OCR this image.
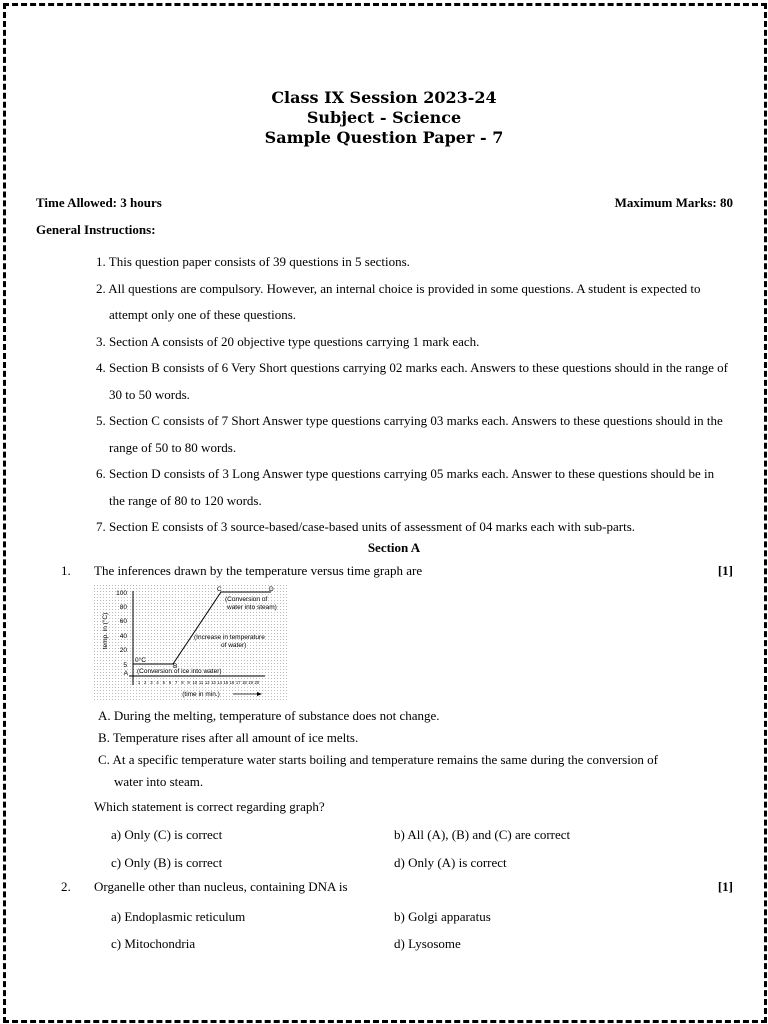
Class IX Session 2023-24
Subject - Science
Sample Question Paper - 7
Time Allowed: 3 hours	Maximum Marks: 80
General Instructions:
1. This question paper consists of 39 questions in 5 sections.
2. All questions are compulsory. However, an internal choice is provided in some questions. A student is expected to attempt only one of these questions.
3. Section A consists of 20 objective type questions carrying 1 mark each.
4. Section B consists of 6 Very Short questions carrying 02 marks each. Answers to these questions should in the range of 30 to 50 words.
5. Section C consists of 7 Short Answer type questions carrying 03 marks each. Answers to these questions should in the range of 50 to 80 words.
6. Section D consists of 3 Long Answer type questions carrying 05 marks each. Answer to these questions should be in the range of 80 to 120 words.
7. Section E consists of 3 source-based/case-based units of assessment of 04 marks each with sub-parts.
Section A
1. The inferences drawn by the temperature versus time graph are	[1]
100
80
60
40
20
5
temp. in (°C)
1 2 3 4 5 6 7 8 9 10 11 12 13 14 15 16 17 18 19 20
(time in min.)
A
B
C	D
0°C
(Conversion of
water into steam)
(Increase in temperature
of water)
(Conversion of ice into water)
A. During the melting, temperature of substance does not change.
B. Temperature rises after all amount of ice melts.
C. At a specific temperature water starts boiling and temperature remains the same during the conversion of
water into steam.
Which statement is correct regarding graph?
a) Only (C) is correct	b) All (A), (B) and (C) are correct
c) Only (B) is correct	d) Only (A) is correct
2. Organelle other than nucleus, containing DNA is	[1]
a) Endoplasmic reticulum	b) Golgi apparatus
c) Mitochondria	d) Lysosome
